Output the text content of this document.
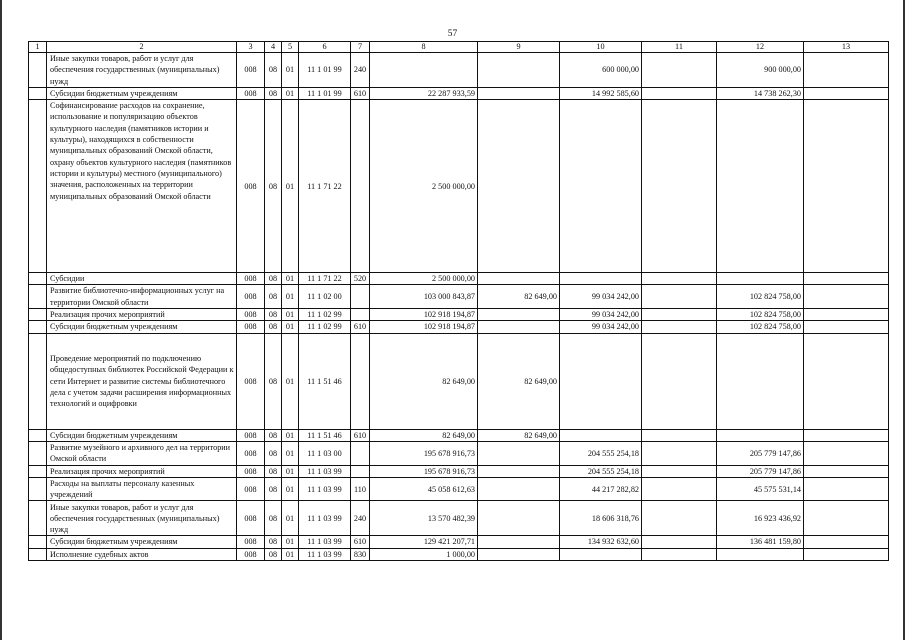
57
1	2	3	4	5	6	7	8	9	10	11	12	13
	Иные закупки товаров, работ и услуг для обеспечения государственных (муниципальных) нужд	008	08	01	11 1 01 99	240			600 000,00		900 000,00	
	Субсидии бюджетным учреждениям	008	08	01	11 1 01 99	610	22 287 933,59		14 992 585,60		14 738 262,30	
	Софинансирование расходов на сохранение, использование и популяризацию объектов культурного наследия (памятников истории и культуры), находящихся в собственности муниципальных образований Омской области, охрану объектов культурного наследия (памятников истории и культуры) местного (муниципального) значения, расположенных на территории муниципальных образований Омской области	008	08	01	11 1 71 22		2 500 000,00					
	Субсидии	008	08	01	11 1 71 22	520	2 500 000,00					
	Развитие библиотечно-информационных услуг на территории Омской области	008	08	01	11 1 02 00		103 000 843,87	82 649,00	99 034 242,00		102 824 758,00	
	Реализация прочих мероприятий	008	08	01	11 1 02 99		102 918 194,87		99 034 242,00		102 824 758,00	
	Субсидии бюджетным учреждениям	008	08	01	11 1 02 99	610	102 918 194,87		99 034 242,00		102 824 758,00	
	Проведение мероприятий по подключению общедоступных библиотек Российской Федерации к сети Интернет и развитие системы библиотечного дела с учетом задачи расширения информационных технологий и оцифровки	008	08	01	11 1 51 46		82 649,00	82 649,00				
	Субсидии бюджетным учреждениям	008	08	01	11 1 51 46	610	82 649,00	82 649,00				
	Развитие музейного и архивного дел на территории Омской области	008	08	01	11 1 03 00		195 678 916,73		204 555 254,18		205 779 147,86	
	Реализация прочих мероприятий	008	08	01	11 1 03 99		195 678 916,73		204 555 254,18		205 779 147,86	
	Расходы на выплаты персоналу казенных учреждений	008	08	01	11 1 03 99	110	45 058 612,63		44 217 282,82		45 575 531,14	
	Иные закупки товаров, работ и услуг для обеспечения государственных (муниципальных) нужд	008	08	01	11 1 03 99	240	13 570 482,39		18 606 318,76		16 923 436,92	
	Субсидии бюджетным учреждениям	008	08	01	11 1 03 99	610	129 421 207,71		134 932 632,60		136 481 159,80	
	Исполнение судебных актов	008	08	01	11 1 03 99	830	1 000,00					
